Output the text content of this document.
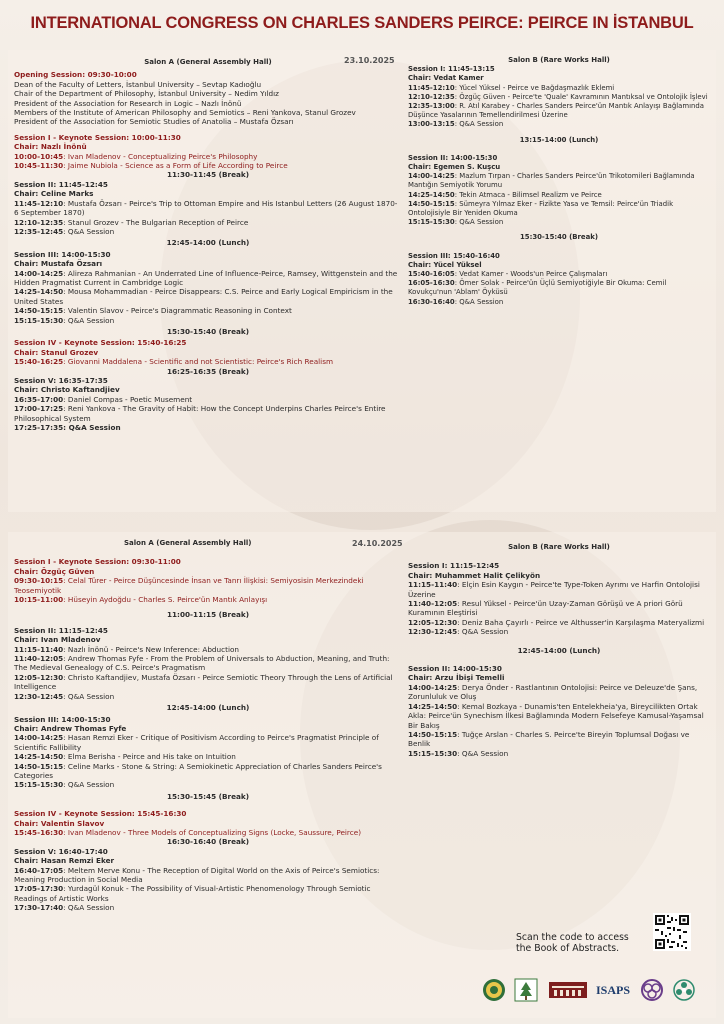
INTERNATIONAL CONGRESS ON CHARLES SANDERS PEIRCE: PEIRCE IN İSTANBUL
23.10.2025
Salon A (General Assembly Hall)
Opening Session: 09:30-10:00
Dean of the Faculty of Letters, İstanbul University – Sevtap Kadıoğlu
Chair of the Department of Philosophy, İstanbul University – Nedim Yıldız
President of the Association for Research in Logic – Nazlı İnönü
Members of the Institute of American Philosophy and Semiotics – Reni Yankova, Stanul Grozev
President of the Association for Semiotic Studies of Anatolia – Mustafa Özsarı
Session I - Keynote Session: 10:00-11:30
Chair: Nazlı İnönü
10:00-10:45: Ivan Mladenov - Conceptualizing Peirce's Philosophy
10:45-11:30: Jaime Nubiola - Science as a Form of Life According to Peirce
11:30-11:45 (Break)
Session II: 11:45-12:45
Chair: Celine Marks
11:45-12:10: Mustafa Özsarı - Peirce's Trip to Ottoman Empire and His Istanbul Letters (26 August 1870-6 September 1870)
12:10-12:35: Stanul Grozev - The Bulgarian Reception of Peirce
12:35-12:45: Q&A Session
12:45-14:00 (Lunch)
Session III: 14:00-15:30
Chair: Mustafa Özsarı
14:00-14:25: Alireza Rahmanian - An Underrated Line of Influence-Peirce, Ramsey, Wittgenstein and the Hidden Pragmatist Current in Cambridge Logic
14:25-14:50: Mousa Mohammadian - Peirce Disappears: C.S. Peirce and Early Logical Empiricism in the United States
14:50-15:15: Valentin Slavov - Peirce's Diagrammatic Reasoning in Context
15:15-15:30: Q&A Session
15:30-15:40 (Break)
Session IV - Keynote Session: 15:40-16:25
Chair: Stanul Grozev
15:40-16:25: Giovanni Maddalena - Scientific and not Scientistic: Peirce's Rich Realism
16:25-16:35 (Break)
Session V: 16:35-17:35
Chair: Christo Kaftandjiev
16:35-17:00: Daniel Compas - Poetic Musement
17:00-17:25: Reni Yankova - The Gravity of Habit: How the Concept Underpins Charles Peirce's Entire Philosophical System
17:25-17:35: Q&A Session
Salon B (Rare Works Hall)
Session I: 11:45-13:15
Chair: Vedat Kamer
11:45-12:10: Yücel Yüksel - Peirce ve Bağdaşmazlık Eklemi
12:10-12:35: Özgüç Güven - Peirce'te 'Quale' Kavramının Mantıksal ve Ontolojik İşlevi
12:35-13:00: R. Atıl Karabey - Charles Sanders Peirce'ün Mantık Anlayışı Bağlamında Düşünce Yasalarının Temellendirilmesi Üzerine
13:00-13:15: Q&A Session
13:15-14:00 (Lunch)
Session II: 14:00-15:30
Chair: Egemen S. Kuşcu
14:00-14:25: Mazlum Tırpan - Charles Sanders Peirce'ün Trikotomileri Bağlamında Mantığın Semiyotik Yorumu
14:25-14:50: Tekin Atmaca - Bilimsel Realizm ve Peirce
14:50-15:15: Sümeyra Yılmaz Eker - Fizikte Yasa ve Temsil: Peirce'ün Triadik Ontolojisiyle Bir Yeniden Okuma
15:15-15:30: Q&A Session
15:30-15:40 (Break)
Session III: 15:40-16:40
Chair: Yücel Yüksel
15:40-16:05: Vedat Kamer - Woods'un Peirce Çalışmaları
16:05-16:30: Ömer Solak - Peirce'ün Üçlü Semiyotiğiyle Bir Okuma: Cemil Kovukçu'nun 'Ablam' Öyküsü
16:30-16:40: Q&A Session
24.10.2025
Salon A (General Assembly Hall)
Session I - Keynote Session: 09:30-11:00
Chair: Özgüç Güven
09:30-10:15: Celal Türer - Peirce Düşüncesinde İnsan ve Tanrı İlişkisi: Semiyosisin Merkezindeki Teosemiyotik
10:15-11:00: Hüseyin Aydoğdu - Charles S. Peirce'ün Mantık Anlayışı
11:00-11:15 (Break)
Session II: 11:15-12:45
Chair: Ivan Mladenov
11:15-11:40: Nazlı İnönü - Peirce's New Inference: Abduction
11:40-12:05: Andrew Thomas Fyfe - From the Problem of Universals to Abduction, Meaning, and Truth: The Medieval Genealogy of C.S. Peirce's Pragmatism
12:05-12:30: Christo Kaftandjiev, Mustafa Özsarı - Peirce Semiotic Theory Through the Lens of Artificial Intelligence
12:30-12:45: Q&A Session
12:45-14:00 (Lunch)
Session III: 14:00-15:30
Chair: Andrew Thomas Fyfe
14:00-14:25: Hasan Remzi Eker - Critique of Positivism According to Peirce's Pragmatist Principle of Scientific Fallibility
14:25-14:50: Elma Berisha - Peirce and His take on Intuition
14:50-15:15: Celine Marks - Stone & String: A Semiokinetic Appreciation of Charles Sanders Peirce's Categories
15:15-15:30: Q&A Session
15:30-15:45 (Break)
Session IV - Keynote Session: 15:45-16:30
Chair: Valentin Slavov
15:45-16:30: Ivan Mladenov - Three Models of Conceptualizing Signs (Locke, Saussure, Peirce)
16:30-16:40 (Break)
Session V: 16:40-17:40
Chair: Hasan Remzi Eker
16:40-17:05: Meltem Merve Konu - The Reception of Digital World on the Axis of Peirce's Semiotics: Meaning Production in Social Media
17:05-17:30: Yurdagül Konuk - The Possibility of Visual-Artistic Phenomenology Through Semiotic Readings of Artistic Works
17:30-17:40: Q&A Session
Salon B (Rare Works Hall)
Session I: 11:15-12:45
Chair: Muhammet Halit Çelikyön
11:15-11:40: Elçin Esin Kaygın - Peirce'te Type-Token Ayrımı ve Harfin Ontolojisi Üzerine
11:40-12:05: Resul Yüksel - Peirce'ün Uzay-Zaman Görüşü ve A priori Görü Kuramının Eleştirisi
12:05-12:30: Deniz Baha Çayırlı - Peirce ve Althusser'in Karşılaşma Materyalizmi
12:30-12:45: Q&A Session
12:45-14:00 (Lunch)
Session II: 14:00-15:30
Chair: Arzu İbişi Temelli
14:00-14:25: Derya Önder - Rastlantının Ontolojisi: Peirce ve Deleuze'de Şans, Zorunluluk ve Oluş
14:25-14:50: Kemal Bozkaya - Dunamis'ten Entelekheia'ya, Bireycilikten Ortak Akla: Peirce'ün Synechism İlkesi Bağlamında Modern Felsefeye Kamusal-Yaşamsal Bir Bakış
14:50-15:15: Tuğçe Arslan - Charles S. Peirce'te Bireyin Toplumsal Doğası ve Benlik
15:15-15:30: Q&A Session
Scan the code to access
the Book of Abstracts.
ISAPS
